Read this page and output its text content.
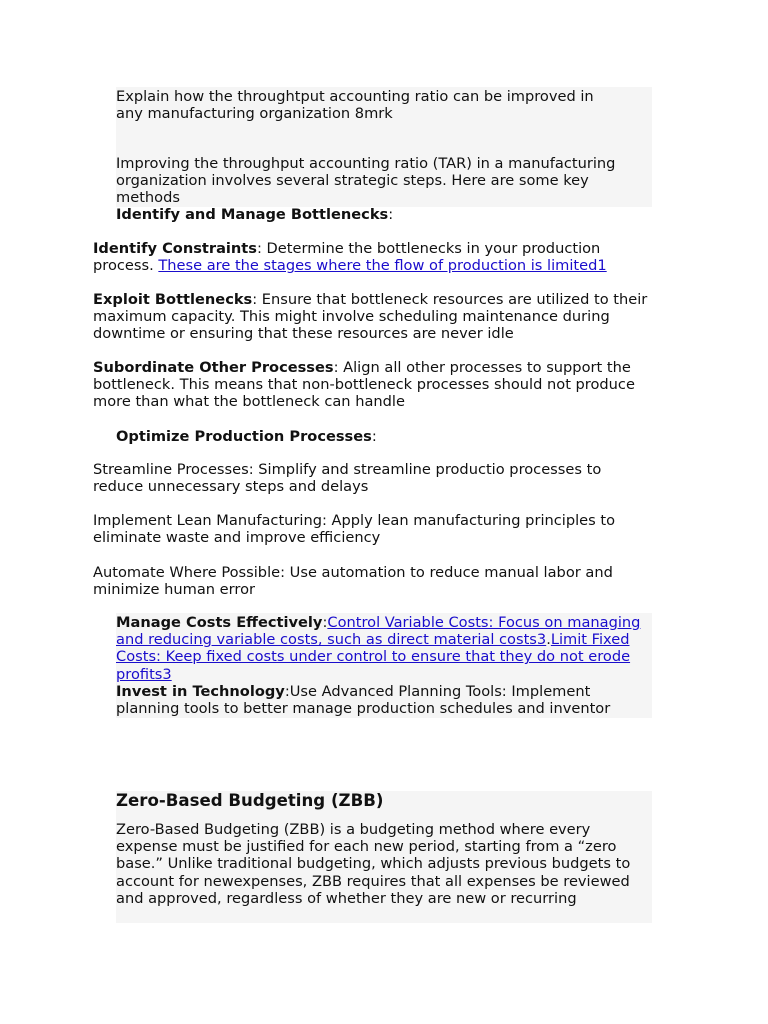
Explain how the throughtput accounting ratio can be improved in
any manufacturing organization 8mrk
Improving the throughput accounting ratio (TAR) in a manufacturing organization involves several strategic steps. Here are some key methods
Identify and Manage Bottlenecks:
Identify Constraints: Determine the bottlenecks in your production process. These are the stages where the flow of production is limited1
Exploit Bottlenecks: Ensure that bottleneck resources are utilized to their maximum capacity. This might involve scheduling maintenance during downtime or ensuring that these resources are never idle
Subordinate Other Processes: Align all other processes to support the bottleneck. This means that non-bottleneck processes should not produce more than what the bottleneck can handle
Optimize Production Processes:
Streamline Processes: Simplify and streamline productio processes to reduce unnecessary steps and delays
Implement Lean Manufacturing: Apply lean manufacturing principles to eliminate waste and improve efficiency
Automate Where Possible: Use automation to reduce manual labor and minimize human error
Manage Costs Effectively:Control Variable Costs: Focus on managing and reducing variable costs, such as direct material costs3.Limit Fixed Costs: Keep fixed costs under control to ensure that they do not erode profits3
Invest in Technology:Use Advanced Planning Tools: Implement planning tools to better manage production schedules and inventor
Zero-Based Budgeting (ZBB)
Zero-Based Budgeting (ZBB) is a budgeting method where every expense must be justified for each new period, starting from a “zero base.” Unlike traditional budgeting, which adjusts previous budgets to account for newexpenses, ZBB requires that all expenses be reviewed and approved, regardless of whether they are new or recurring
